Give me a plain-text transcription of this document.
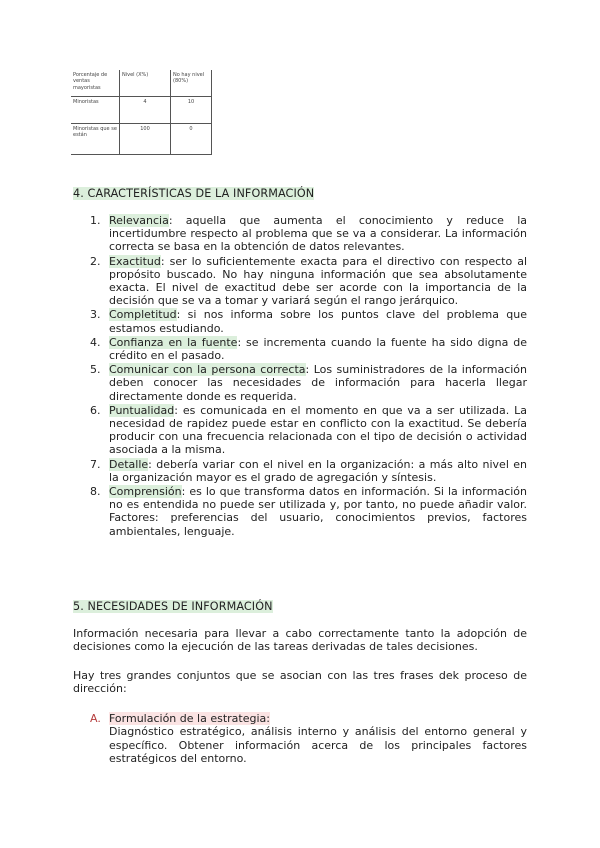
Porcentaje de ventas mayoristas	Nivel (X%)	No hay nivel (80%)
Minoristas	4	10
Minoristas que se están	100	0
4. CARACTERÍSTICAS DE LA INFORMACIÓN
1. Relevancia: aquella que aumenta el conocimiento y reduce la incertidumbre respecto al problema que se va a considerar. La información correcta se basa en la obtención de datos relevantes.
2. Exactitud: ser lo suficientemente exacta para el directivo con respecto al propósito buscado. No hay ninguna información que sea absolutamente exacta. El nivel de exactitud debe ser acorde con la importancia de la decisión que se va a tomar y variará según el rango jerárquico.
3. Completitud: si nos informa sobre los puntos clave del problema que estamos estudiando.
4. Confianza en la fuente: se incrementa cuando la fuente ha sido digna de crédito en el pasado.
5. Comunicar con la persona correcta: Los suministradores de la información deben conocer las necesidades de información para hacerla llegar directamente donde es requerida.
6. Puntualidad: es comunicada en el momento en que va a ser utilizada. La necesidad de rapidez puede estar en conflicto con la exactitud. Se debería producir con una frecuencia relacionada con el tipo de decisión o actividad asociada a la misma.
7. Detalle: debería variar con el nivel en la organización: a más alto nivel en la organización mayor es el grado de agregación y síntesis.
8. Comprensión: es lo que transforma datos en información. Si la información no es entendida no puede ser utilizada y, por tanto, no puede añadir valor. Factores: preferencias del usuario, conocimientos previos, factores ambientales, lenguaje.
5. NECESIDADES DE INFORMACIÓN

Información necesaria para llevar a cabo correctamente tanto la adopción de decisiones como la ejecución de las tareas derivadas de tales decisiones.

Hay tres grandes conjuntos que se asocian con las tres frases dek proceso de dirección:

A. Formulación de la estrategia:
Diagnóstico estratégico, análisis interno y análisis del entorno general y específico. Obtener información acerca de los principales factores estratégicos del entorno.
